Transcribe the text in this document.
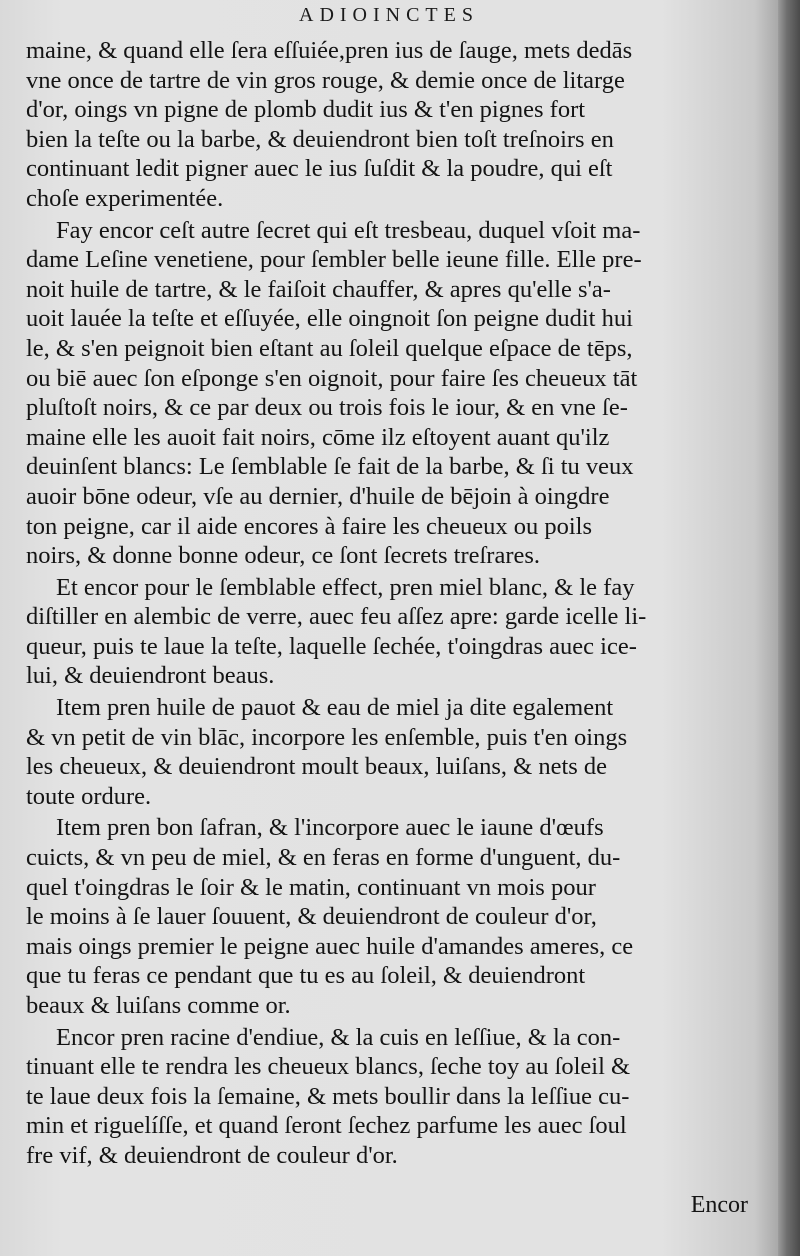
ADIOINCTES
maine, & quand elle ſera eſſuiée,pren ius de ſauge, mets dedās
vne once de tartre de vin gros rouge, & demie once de litarge
d'or, oings vn pigne de plomb dudit ius & t'en pignes fort
bien la teſte ou la barbe, & deuiendront bien toſt treſnoirs en
continuant ledit pigner auec le ius ſuſdit & la poudre, qui eſt
choſe experimentée.
Fay encor ceſt autre ſecret qui eſt tresbeau, duquel vſoit ma-
dame Leſine venetiene, pour ſembler belle ieune fille. Elle pre-
noit huile de tartre, & le faiſoit chauffer, & apres qu'elle s'a-
uoit lauée la teſte et eſſuyée, elle oingnoit ſon peigne dudit hui
le, & s'en peignoit bien eſtant au ſoleil quelque eſpace de tēps,
ou biē auec ſon eſponge s'en oignoit, pour faire ſes cheueux tāt
pluſtoſt noirs, & ce par deux ou trois fois le iour, & en vne ſe-
maine elle les auoit fait noirs, cōme ilz eſtoyent auant qu'ilz
deuinſent blancs: Le ſemblable ſe fait de la barbe, & ſi tu veux
auoir bōne odeur, vſe au dernier, d'huile de bējoin à oingdre
ton peigne, car il aide encores à faire les cheueux ou poils
noirs, & donne bonne odeur, ce ſont ſecrets treſrares.
Et encor pour le ſemblable effect, pren miel blanc, & le fay
diſtiller en alembic de verre, auec feu aſſez apre: garde icelle li-
queur, puis te laue la teſte, laquelle ſechée, t'oingdras auec ice-
lui, & deuiendront beaus.
Item pren huile de pauot & eau de miel ja dite egalement
& vn petit de vin blāc, incorpore les enſemble, puis t'en oings
les cheueux, & deuiendront moult beaux, luiſans, & nets de
toute ordure.
Item pren bon ſafran, & l'incorpore auec le iaune d'œufs
cuicts, & vn peu de miel, & en feras en forme d'unguent, du-
quel t'oingdras le ſoir & le matin, continuant vn mois pour
le moins à ſe lauer ſouuent, & deuiendront de couleur d'or,
mais oings premier le peigne auec huile d'amandes ameres, ce
que tu feras ce pendant que tu es au ſoleil, & deuiendront
beaux & luiſans comme or.
Encor pren racine d'endiue, & la cuis en leſſiue, & la con-
tinuant elle te rendra les cheueux blancs, ſeche toy au ſoleil &
te laue deux fois la ſemaine, & mets boullir dans la leſſiue cu-
min et riguelíſſe, et quand ſeront ſechez parfume les auec ſoul
fre vif, & deuiendront de couleur d'or.
Encor
